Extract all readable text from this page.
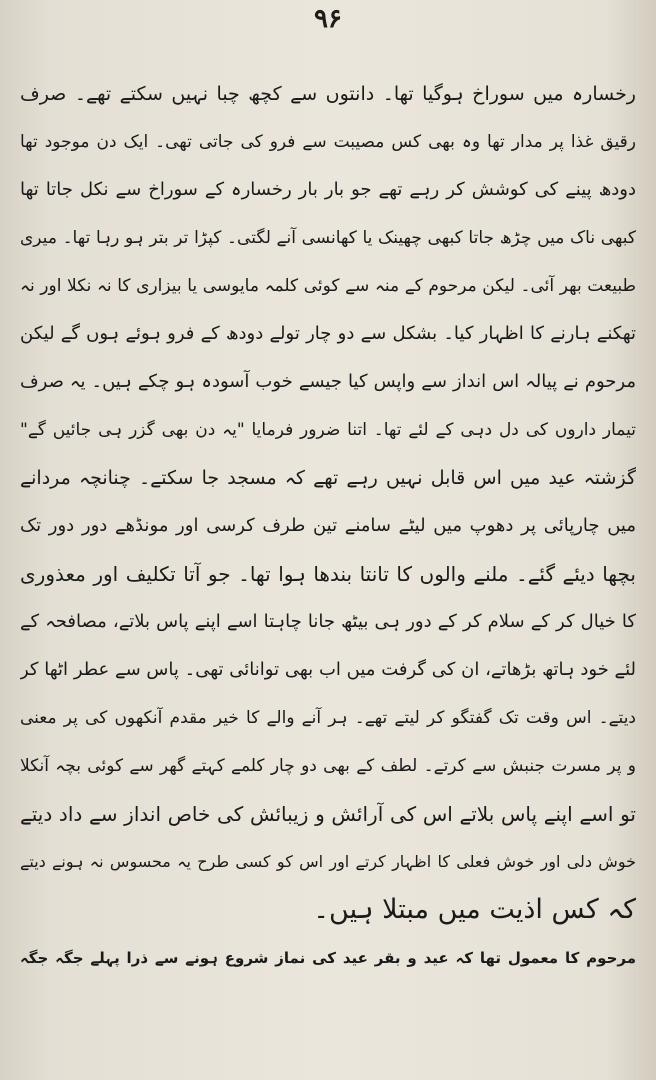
۹۶
رخسارہ میں سوراخ ہوگیا تھا۔ دانتوں سے کچھ چبا نہیں سکتے تھے۔ صرف
رقیق غذا پر مدار تھا وہ بھی کس مصیبت سے فرو کی جاتی تھی۔ ایک دن موجود تھا
دودھ پینے کی کوشش کر رہے تھے جو بار بار رخسارہ کے سوراخ سے نکل جاتا تھا
کبھی ناک میں چڑھ جاتا کبھی چھینک یا کھانسی آنے لگتی۔ کپڑا تر بتر ہو رہا تھا۔ میری
طبیعت بھر آئی۔ لیکن مرحوم کے منہ سے کوئی کلمہ مایوسی یا بیزاری کا نہ نکلا اور نہ
تھکنے ہارنے کا اظہار کیا۔ بشکل سے دو چار تولے دودھ کے فرو ہوئے ہوں گے لیکن
مرحوم نے پیالہ اس انداز سے واپس کیا جیسے خوب آسودہ ہو چکے ہیں۔ یہ صرف
تیمار داروں کی دل دہی کے لئے تھا۔ اتنا ضرور فرمایا "یہ دن بھی گزر ہی جائیں گے"
گزشتہ عید میں اس قابل نہیں رہے تھے کہ مسجد جا سکتے۔ چنانچہ مردانے
میں چارپائی پر دھوپ میں لیٹے سامنے تین طرف کرسی اور مونڈھے دور دور تک
بچھا دیئے گئے۔ ملنے والوں کا تانتا بندھا ہوا تھا۔ جو آتا تکلیف اور معذوری
کا خیال کر کے سلام کر کے دور ہی بیٹھ جانا چاہتا اسے اپنے پاس بلاتے، مصافحہ کے
لئے خود ہاتھ بڑھاتے، ان کی گرفت میں اب بھی توانائی تھی۔ پاس سے عطر اٹھا کر
دیتے۔ اس وقت تک گفتگو کر لیتے تھے۔ ہر آنے والے کا خیر مقدم آنکھوں کی پر معنی
و پر مسرت جنبش سے کرتے۔ لطف کے بھی دو چار کلمے کہتے گھر سے کوئی بچہ آنکلا
تو اسے اپنے پاس بلاتے اس کی آرائش و زیبائش کی خاص انداز سے داد دیتے
خوش دلی اور خوش فعلی کا اظہار کرتے اور اس کو کسی طرح یہ محسوس نہ ہونے دیتے
کہ کس اذیت میں مبتلا ہیں۔
مرحوم کا معمول تھا کہ عید و بقر عید کی نماز شروع ہونے سے ذرا پہلے جگہ جگہ
